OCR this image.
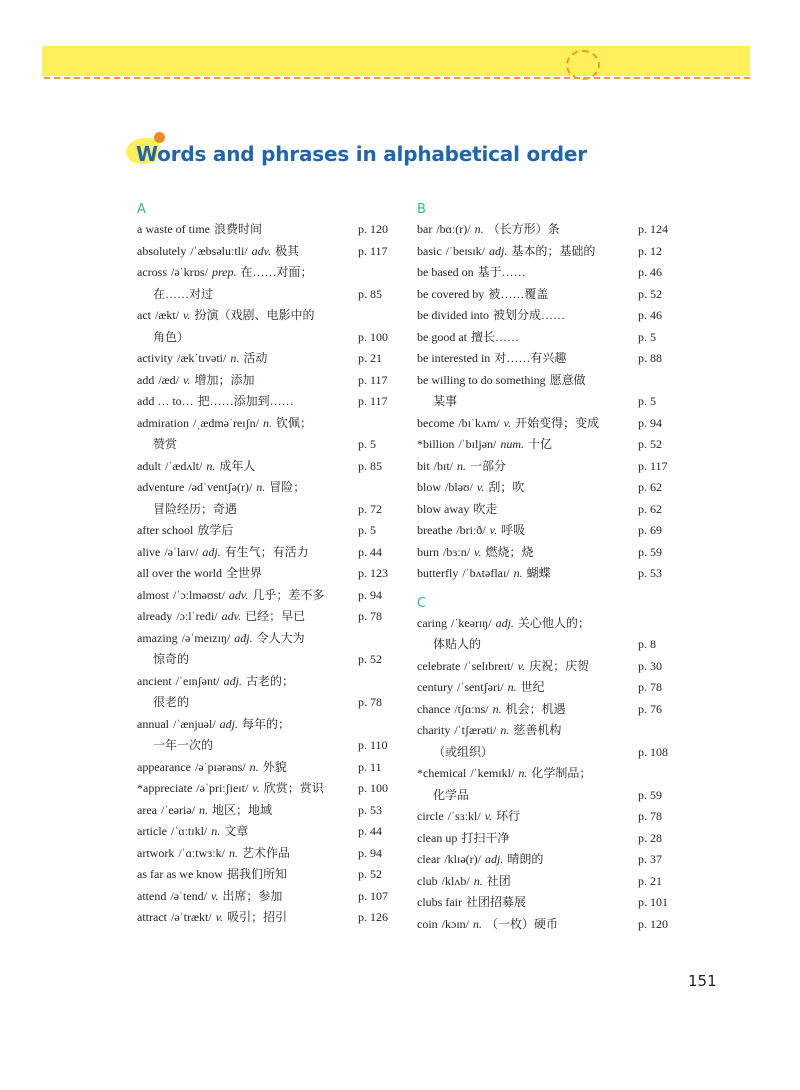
Words and phrases in alphabetical order
A
a waste of time 浪费时间	p. 120
absolutely /ˈæbsəluːtli/ adv. 极其	p. 117
across /əˈkrɒs/ prep. 在……对面；
在……对过	p. 85
act /ækt/ v. 扮演（戏剧、电影中的
角色）	p. 100
activity /ækˈtɪvəti/ n. 活动	p. 21
add /æd/ v. 增加；添加	p. 117
add … to… 把……添加到……	p. 117
admiration /ˌædməˈreɪʃn/ n. 钦佩；
赞赏	p. 5
adult /ˈædʌlt/ n. 成年人	p. 85
adventure /ədˈventʃə(r)/ n. 冒险；
冒险经历；奇遇	p. 72
after school 放学后	p. 5
alive /əˈlaɪv/ adj. 有生气；有活力	p. 44
all over the world 全世界	p. 123
almost /ˈɔːlməʊst/ adv. 几乎；差不多	p. 94
already /ɔːlˈredi/ adv. 已经；早已	p. 78
amazing /əˈmeɪzɪŋ/ adj. 令人大为
惊奇的	p. 52
ancient /ˈeɪnʃənt/ adj. 古老的；
很老的	p. 78
annual /ˈænjuəl/ adj. 每年的；
一年一次的	p. 110
appearance /əˈpɪərəns/ n. 外貌	p. 11
*appreciate /əˈpriːʃieɪt/ v. 欣赏；赏识	p. 100
area /ˈeəriə/ n. 地区；地域	p. 53
article /ˈɑːtɪkl/ n. 文章	p. 44
artwork /ˈɑːtwɜːk/ n. 艺术作品	p. 94
as far as we know 据我们所知	p. 52
attend /əˈtend/ v. 出席；参加	p. 107
attract /əˈtrækt/ v. 吸引；招引	p. 126
B
bar /bɑː(r)/ n. （长方形）条	p. 124
basic /ˈbeɪsɪk/ adj. 基本的；基础的	p. 12
be based on 基于……	p. 46
be covered by 被……覆盖	p. 52
be divided into 被划分成……	p. 46
be good at 擅长……	p. 5
be interested in 对……有兴趣	p. 88
be willing to do something 愿意做
某事	p. 5
become /bɪˈkʌm/ v. 开始变得；变成	p. 94
*billion /ˈbɪljən/ num. 十亿	p. 52
bit /bɪt/ n. 一部分	p. 117
blow /bləʊ/ v. 刮；吹	p. 62
blow away 吹走	p. 62
breathe /briːð/ v. 呼吸	p. 69
burn /bɜːn/ v. 燃烧；烧	p. 59
butterfly /ˈbʌtəflaɪ/ n. 蝴蝶	p. 53
C
caring /ˈkeərɪŋ/ adj. 关心他人的；
体贴人的	p. 8
celebrate /ˈselɪbreɪt/ v. 庆祝；庆贺	p. 30
century /ˈsentʃəri/ n. 世纪	p. 78
chance /tʃɑːns/ n. 机会；机遇	p. 76
charity /ˈtʃærəti/ n. 慈善机构
（或组织）	p. 108
*chemical /ˈkemɪkl/ n. 化学制品；
化学品	p. 59
circle /ˈsɜːkl/ v. 环行	p. 78
clean up 打扫干净	p. 28
clear /klɪə(r)/ adj. 晴朗的	p. 37
club /klʌb/ n. 社团	p. 21
clubs fair 社团招募展	p. 101
coin /kɔɪn/ n. （一枚）硬币	p. 120
151
